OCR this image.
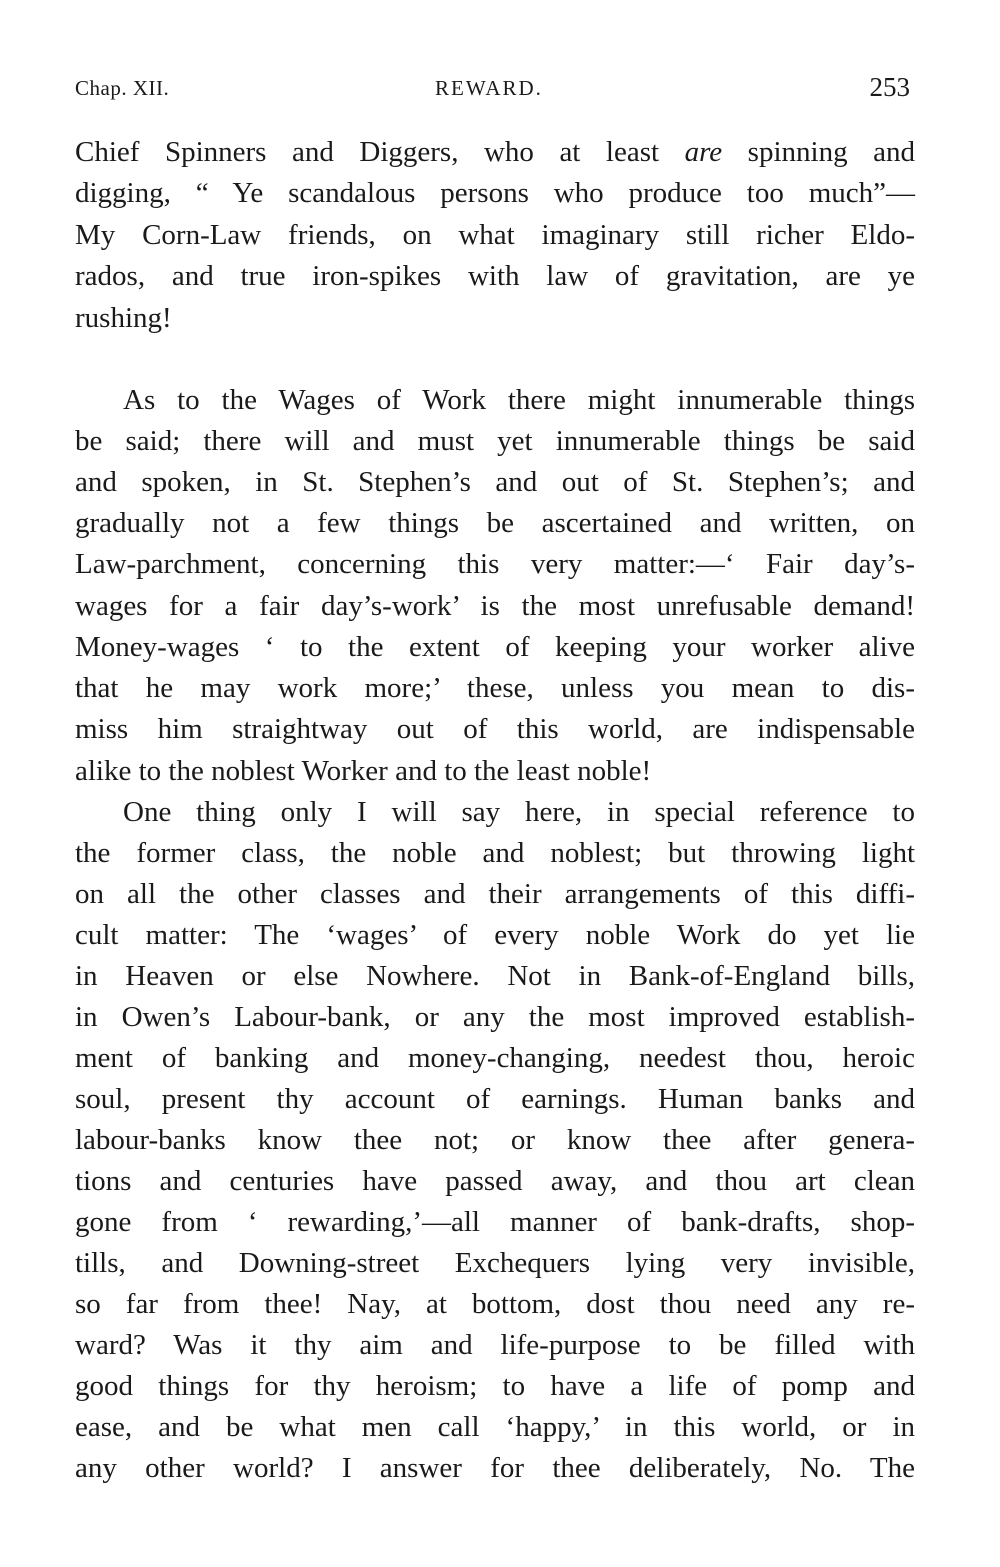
Chap. XII.	REWARD.	253
Chief Spinners and Diggers, who at least are spinning and
digging, “ Ye scandalous persons who produce too much”—
My Corn-Law friends, on what imaginary still richer Eldo-
rados, and true iron-spikes with law of gravitation, are ye
rushing!
As to the Wages of Work there might innumerable things
be said; there will and must yet innumerable things be said
and spoken, in St. Stephen’s and out of St. Stephen’s; and
gradually not a few things be ascertained and written, on
Law-parchment, concerning this very matter:—‘ Fair day’s-
wages for a fair day’s-work’ is the most unrefusable demand!
Money-wages ‘ to the extent of keeping your worker alive
that he may work more;’ these, unless you mean to dis-
miss him straightway out of this world, are indispensable
alike to the noblest Worker and to the least noble!
One thing only I will say here, in special reference to
the former class, the noble and noblest; but throwing light
on all the other classes and their arrangements of this diffi-
cult matter: The ‘wages’ of every noble Work do yet lie
in Heaven or else Nowhere. Not in Bank-of-England bills,
in Owen’s Labour-bank, or any the most improved establish-
ment of banking and money-changing, needest thou, heroic
soul, present thy account of earnings. Human banks and
labour-banks know thee not; or know thee after genera-
tions and centuries have passed away, and thou art clean
gone from ‘ rewarding,’—all manner of bank-drafts, shop-
tills, and Downing-street Exchequers lying very invisible,
so far from thee! Nay, at bottom, dost thou need any re-
ward? Was it thy aim and life-purpose to be filled with
good things for thy heroism; to have a life of pomp and
ease, and be what men call ‘happy,’ in this world, or in
any other world? I answer for thee deliberately, No. The
